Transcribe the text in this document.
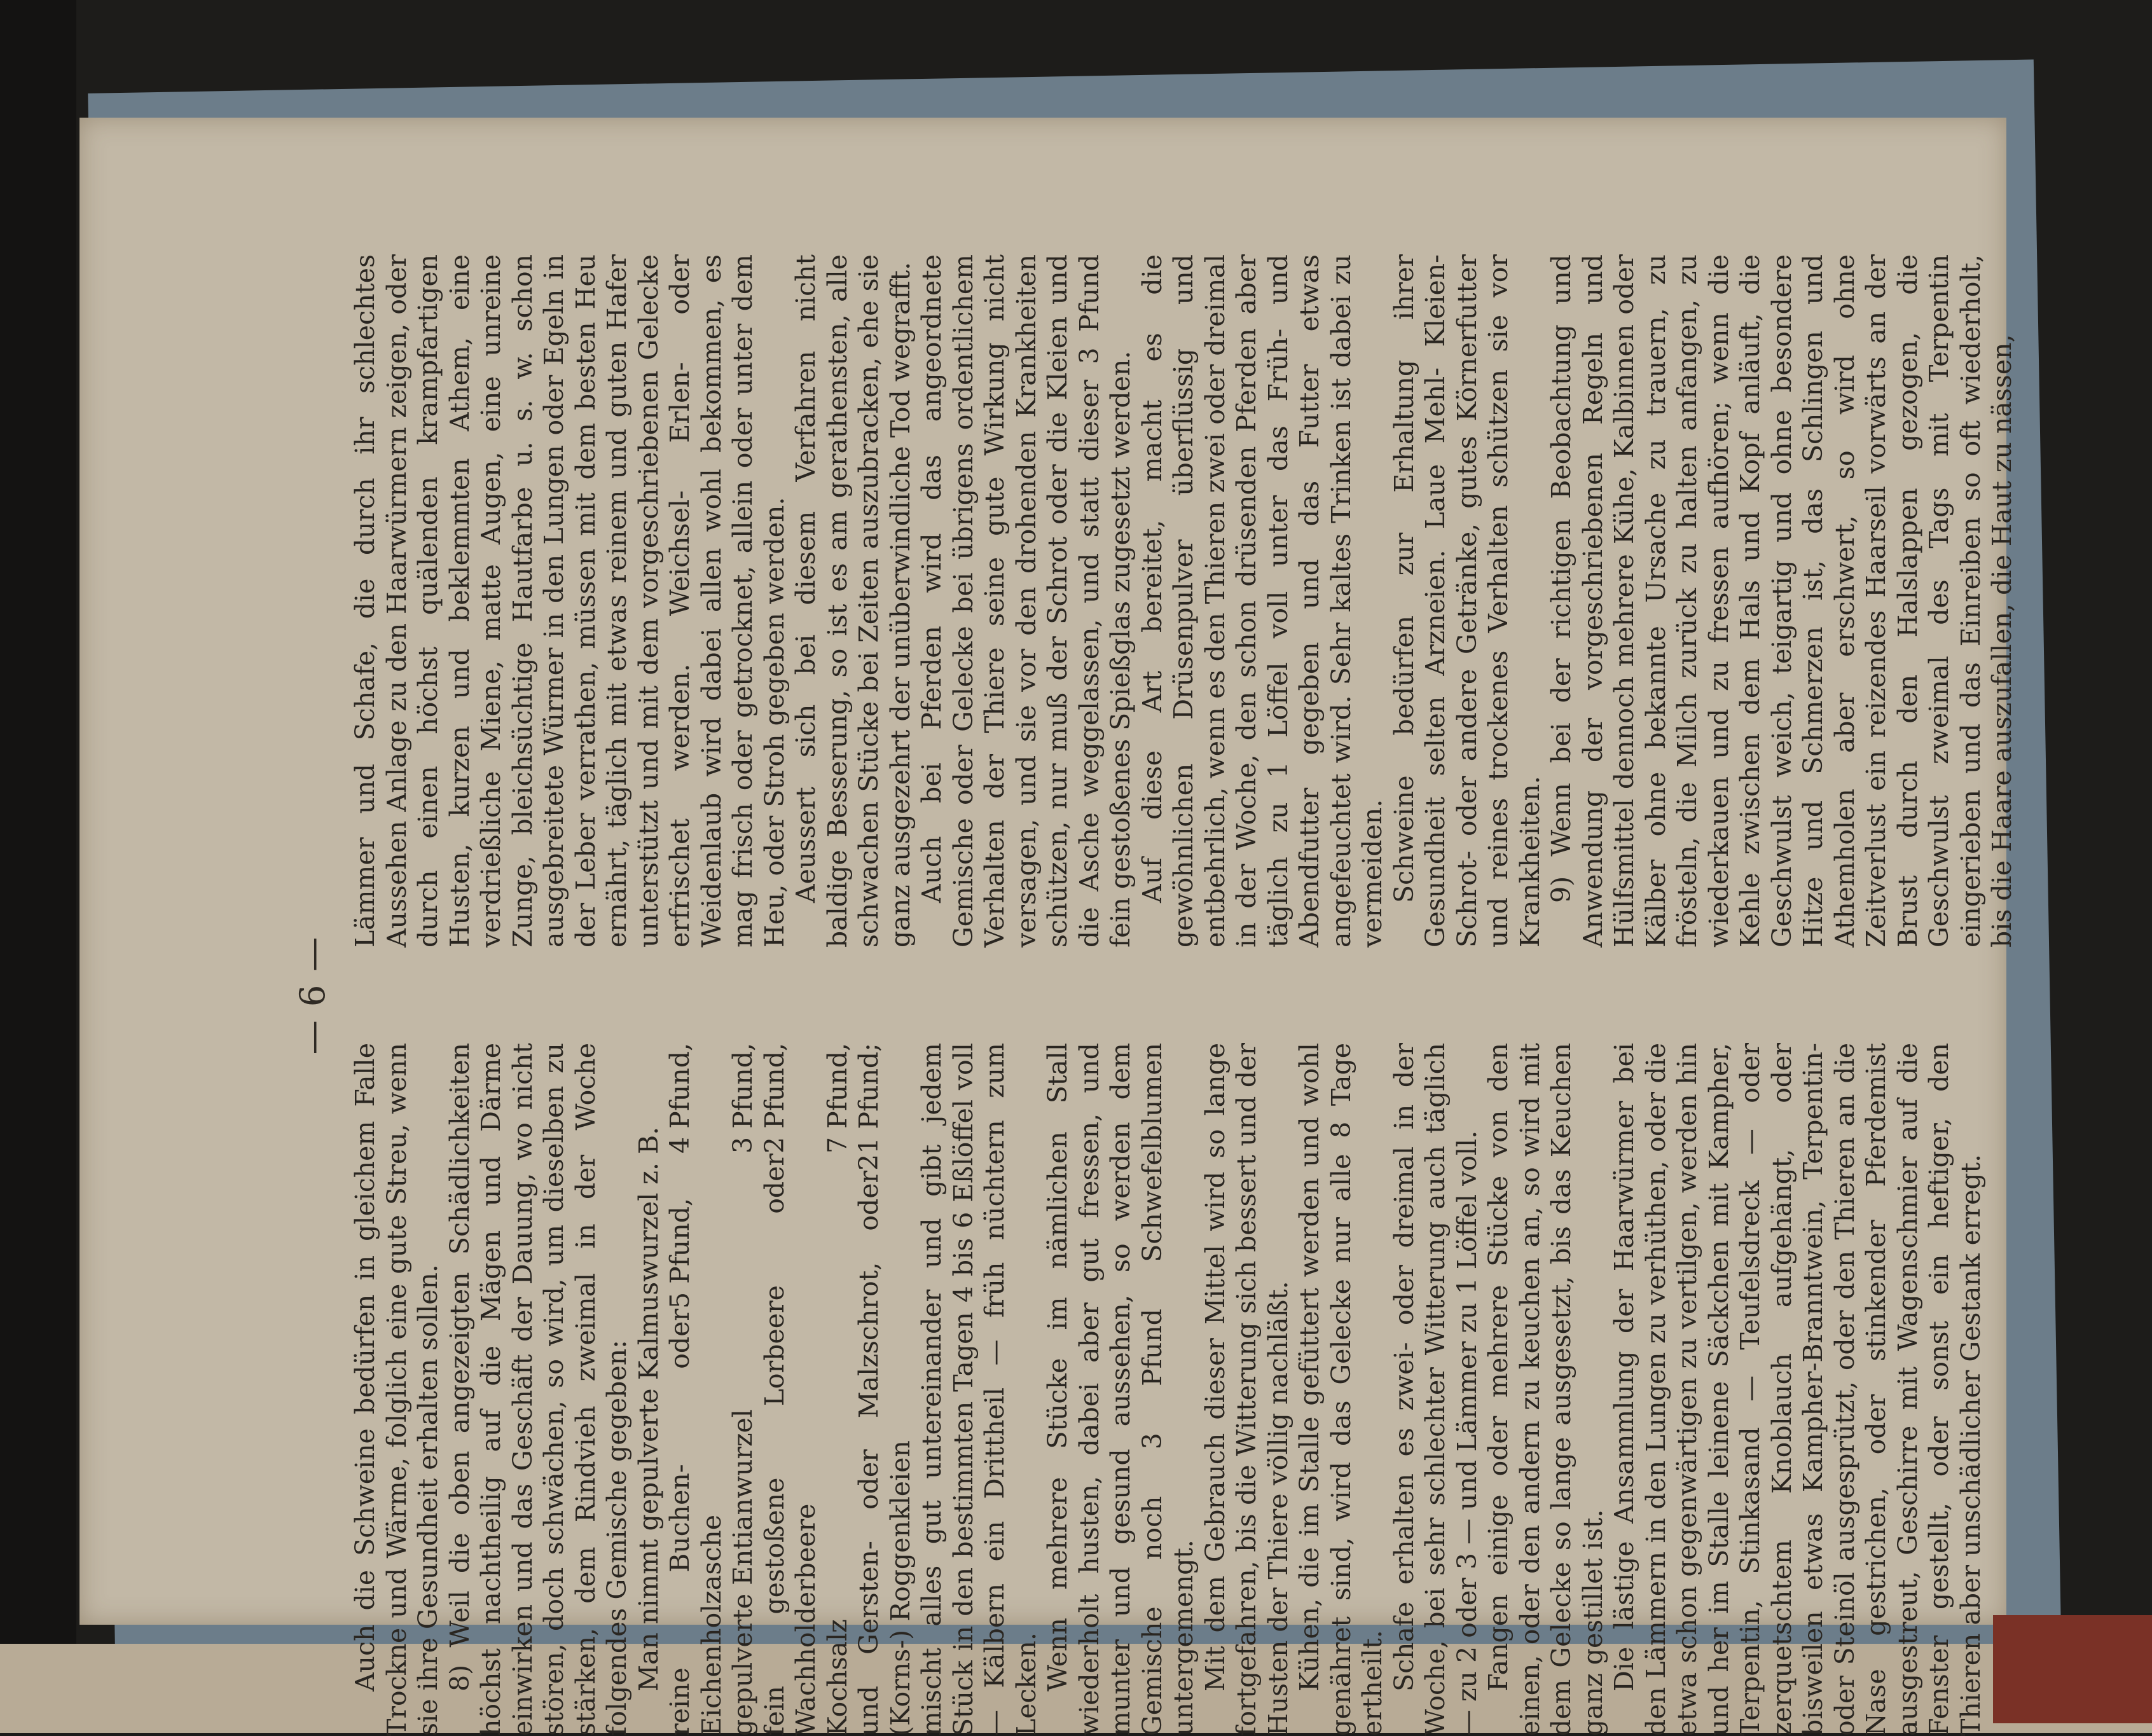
— 6 —

Auch die Schweine bedürfen in gleichem Falle Trockne und Wärme, folglich eine gute Streu, wenn sie ihre Gesundheit erhalten sollen. 8) Weil die oben angezeigten Schädlichkeiten höchst nachtheilig auf die Mägen und Därme einwirken und das Geschäft der Dauung, wo nicht stören, doch schwächen, so wird, um dieselben zu stärken, dem Rindvieh zweimal in der Woche folgendes Gemische gegeben: Man nimmt gepulverte Kalmuswurzel z. B.
4 Pfund,

reine Buchen- oder Eichenholzasche
5 Pfund,
gepulverte Entianwurzel
3 Pfund,
fein gestoßene Lorbeere oder Wachholderbeere
2 Pfund,
Kochsalz
7 Pfund,
und Gersten- oder Malzschrot, oder (Korns-) Roggenkleien
21 Pfund;	mischt alles gut untereinander und gibt jedem Stück in den bestimmten Tagen 4 bis 6 Eßlöffel voll — Kälbern ein Drittheil — früh nüchtern zum Lecken. Wenn mehrere Stücke im nämlichen Stall wiederholt husten, dabei aber gut fressen, und munter und gesund aussehen, so werden dem Gemische noch 3 Pfund Schwefelblumen untergemengt. Mit dem Gebrauch dieser Mittel wird so lange fortgefahren, bis die Witterung sich bessert und der Husten der Thiere völlig nachläßt. Kühen, die im Stalle gefüttert werden und wohl genähret sind, wird das Gelecke nur alle 8 Tage ertheilt. Schafe erhalten es zwei- oder dreimal in der Woche, bei sehr schlechter Witterung auch täglich — zu 2 oder 3 — und Lämmer zu 1 Löffel voll. Fangen einige oder mehrere Stücke von den einen, oder den andern zu keuchen an, so wird mit dem Gelecke so lange ausgesetzt, bis das Keuchen ganz gestillet ist. Die lästige Ansammlung der Haarwürmer bei den Lämmern in den Lungen zu verhüthen, oder die etwa schon gegenwärtigen zu vertilgen, werden hin und her im Stalle leinene Säckchen mit Kampher, Terpentin, Stinkasand — Teufelsdreck — oder zerquetschtem Knoblauch aufgehängt, oder bisweilen etwas Kampher-Branntwein, Terpentin- oder Steinöl ausgesprützt, oder den Thieren an die Nase gestrichen, oder stinkender Pferdemist ausgestreut, Geschirre mit Wagenschmier auf die Fenster gestellt, oder sonst ein heftiger, den Thieren aber unschädlicher Gestank erregt.

Lämmer und Schafe, die durch ihr schlechtes Aussehen Anlage zu den Haarwürmern zeigen, oder durch einen höchst quälenden krampfartigen Husten, kurzen und beklemmten Athem, eine verdrießliche Miene, matte Augen, eine unreine Zunge, bleichsüchtige Hautfarbe u. s. w. schon ausgebreitete Würmer in den Lungen oder Egeln in der Leber verrathen, müssen mit dem besten Heu ernährt, täglich mit etwas reinem und guten Hafer unterstützt und mit dem vorgeschriebenen Gelecke erfrischet werden. Weichsel- Erlen- oder Weidenlaub wird dabei allen wohl bekommen, es mag frisch oder getrocknet, allein oder unter dem Heu, oder Stroh gegeben werden. Aeussert sich bei diesem Verfahren nicht baldige Besserung, so ist es am gerathensten, alle schwachen Stücke bei Zeiten auszubracken, ehe sie ganz ausgezehrt der unüberwindliche Tod wegrafft. Auch bei Pferden wird das angeordnete Gemische oder Gelecke bei übrigens ordentlichem Verhalten der Thiere seine gute Wirkung nicht versagen, und sie vor den drohenden Krankheiten schützen, nur muß der Schrot oder die Kleien und die Asche weggelassen, und statt dieser 3 Pfund fein gestoßenes Spießglas zugesetzt werden. Auf diese Art bereitet, macht es die gewöhnlichen Drüsenpulver überflüssig und entbehrlich, wenn es den Thieren zwei oder dreimal in der Woche, den schon drüsenden Pferden aber täglich zu 1 Löffel voll unter das Früh- und Abendfutter gegeben und das Futter etwas angefeuchtet wird. Sehr kaltes Trinken ist dabei zu vermeiden. Schweine bedürfen zur Erhaltung ihrer Gesundheit selten Arzneien. Laue Mehl- Kleien- Schrot- oder andere Getränke, gutes Körnerfutter und reines trockenes Verhalten schützen sie vor Krankheiten. 9) Wenn bei der richtigen Beobachtung und Anwendung der vorgeschriebenen Regeln und Hülfsmittel dennoch mehrere Kühe, Kalbinnen oder Kälber ohne bekannte Ursache zu trauern, zu frösteln, die Milch zurück zu halten anfangen, zu wiederkauen und zu fressen aufhören; wenn die Kehle zwischen dem Hals und Kopf anläuft, die Geschwulst weich, teigartig und ohne besondere Hitze und Schmerzen ist, das Schlingen und Athemholen aber erschwert, so wird ohne Zeitverlust ein reizendes Haarseil vorwärts an der Brust durch den Halslappen gezogen, die Geschwulst zweimal des Tags mit Terpentin eingerieben und das Einreiben so oft wiederholt, bis die Haare auszufallen, die Haut zu nässen,
